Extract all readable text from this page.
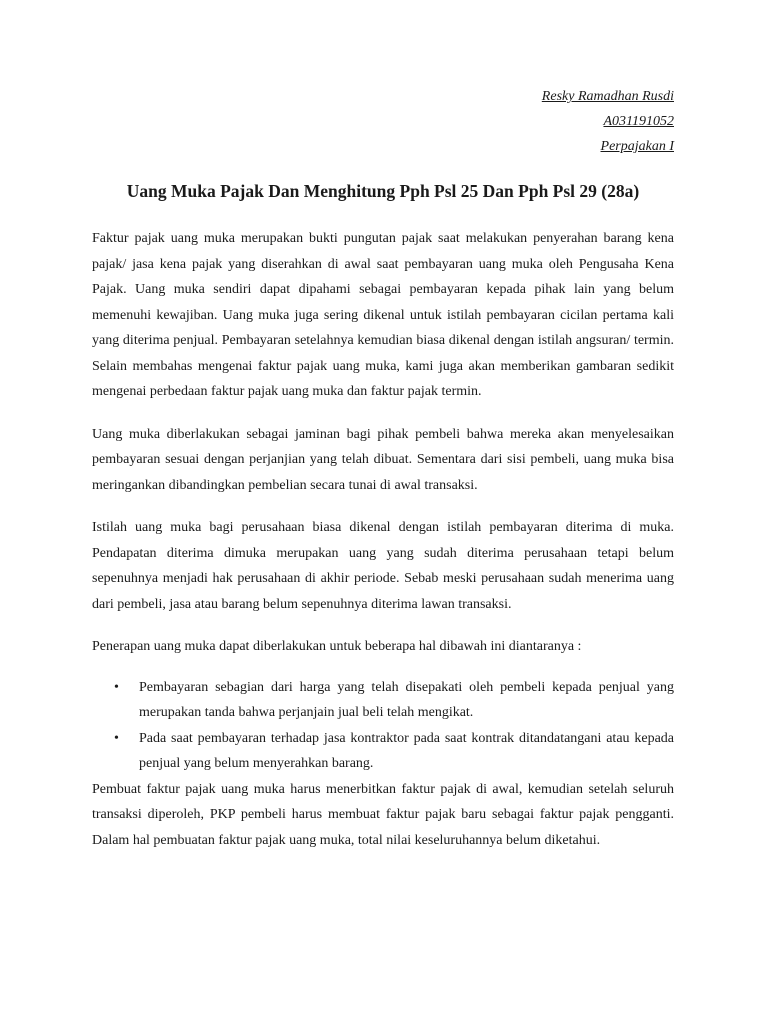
Resky Ramadhan Rusdi
A031191052
Perpajakan I
Uang Muka Pajak Dan Menghitung Pph Psl 25 Dan Pph Psl 29 (28a)

Faktur pajak uang muka merupakan bukti pungutan pajak saat melakukan penyerahan barang kena pajak/ jasa kena pajak yang diserahkan di awal saat pembayaran uang muka oleh Pengusaha Kena Pajak. Uang muka sendiri dapat dipahami sebagai pembayaran kepada pihak lain yang belum memenuhi kewajiban. Uang muka juga sering dikenal untuk istilah pembayaran cicilan pertama kali yang diterima penjual. Pembayaran setelahnya kemudian biasa dikenal dengan istilah angsuran/ termin. Selain membahas mengenai faktur pajak uang muka, kami juga akan memberikan gambaran sedikit mengenai perbedaan faktur pajak uang muka dan faktur pajak termin.

Uang muka diberlakukan sebagai jaminan bagi pihak pembeli bahwa mereka akan menyelesaikan pembayaran sesuai dengan perjanjian yang telah dibuat. Sementara dari sisi pembeli, uang muka bisa meringankan dibandingkan pembelian secara tunai di awal transaksi.

Istilah uang muka bagi perusahaan biasa dikenal dengan istilah pembayaran diterima di muka. Pendapatan diterima dimuka merupakan uang yang sudah diterima perusahaan tetapi belum sepenuhnya menjadi hak perusahaan di akhir periode. Sebab meski perusahaan sudah menerima uang dari pembeli, jasa atau barang belum sepenuhnya diterima lawan transaksi.

Penerapan uang muka dapat diberlakukan untuk beberapa hal dibawah ini diantaranya :

• Pembayaran sebagian dari harga yang telah disepakati oleh pembeli kepada penjual yang merupakan tanda bahwa perjanjain jual beli telah mengikat.
• Pada saat pembayaran terhadap jasa kontraktor pada saat kontrak ditandatangani atau kepada penjual yang belum menyerahkan barang.

Pembuat faktur pajak uang muka harus menerbitkan faktur pajak di awal, kemudian setelah seluruh transaksi diperoleh, PKP pembeli harus membuat faktur pajak baru sebagai faktur pajak pengganti. Dalam hal pembuatan faktur pajak uang muka, total nilai keseluruhannya belum diketahui.
